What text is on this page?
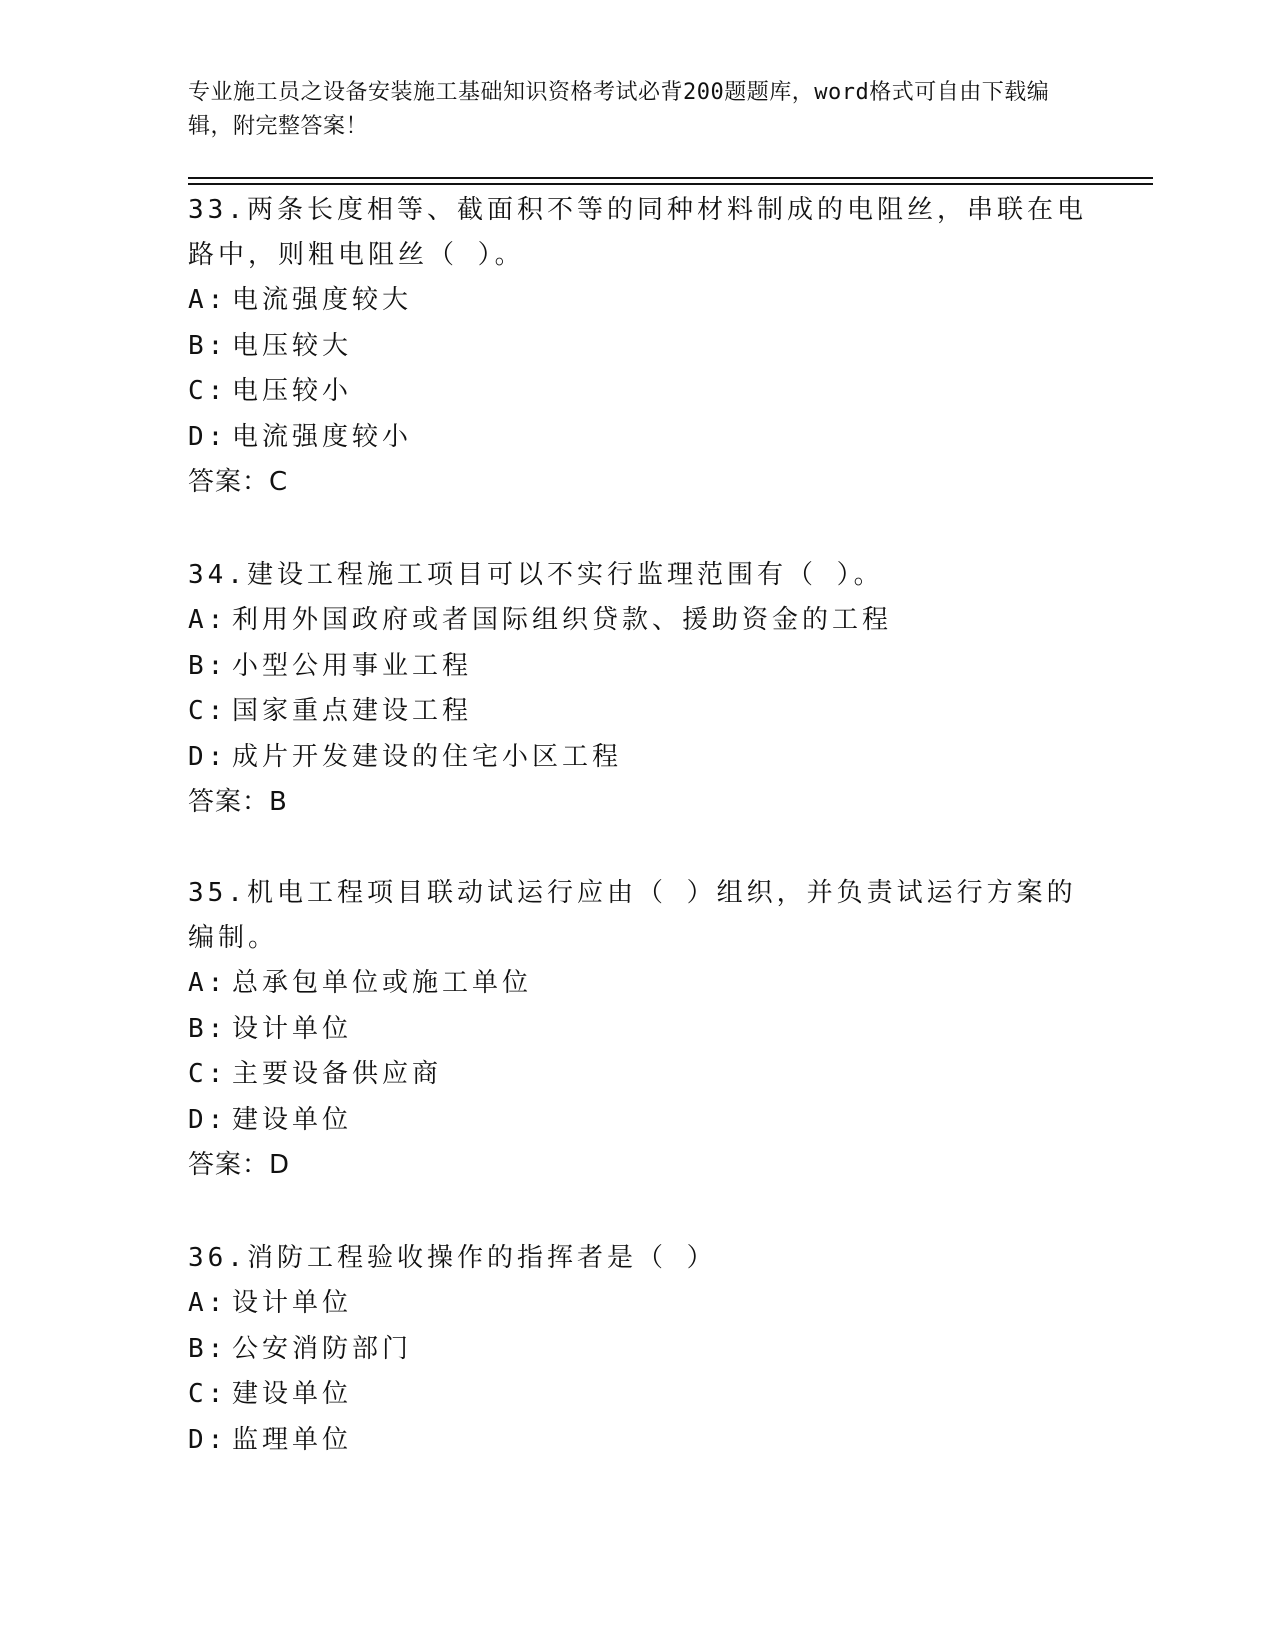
专业施工员之设备安装施工基础知识资格考试必背200题题库，word格式可自由下载编辑，附完整答案！
33.两条长度相等、截面积不等的同种材料制成的电阻丝，串联在电路中，则粗电阻丝（ ）。
A: 电流强度较大
B: 电压较大
C: 电压较小
D: 电流强度较小
答案：C
34.建设工程施工项目可以不实行监理范围有（ ）。
A: 利用外国政府或者国际组织贷款、援助资金的工程
B: 小型公用事业工程
C: 国家重点建设工程
D: 成片开发建设的住宅小区工程
答案：B
35.机电工程项目联动试运行应由（ ）组织，并负责试运行方案的编制。
A: 总承包单位或施工单位
B: 设计单位
C: 主要设备供应商
D: 建设单位
答案：D
36.消防工程验收操作的指挥者是（ ）
A: 设计单位
B: 公安消防部门
C: 建设单位
D: 监理单位
